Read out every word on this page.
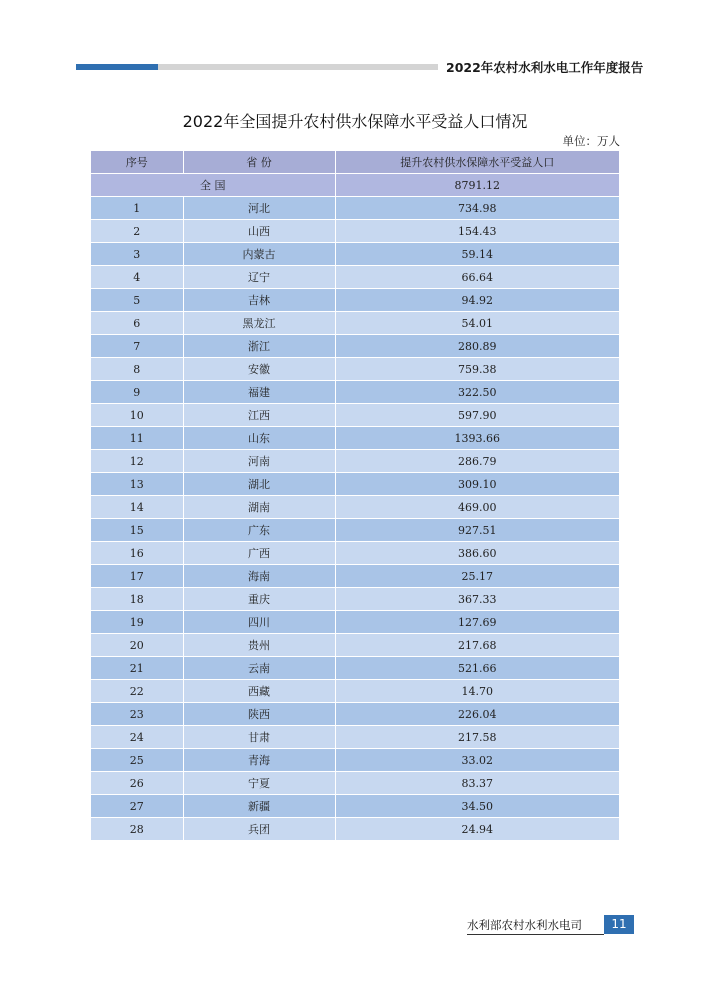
2022年农村水利水电工作年度报告
2022年全国提升农村供水保障水平受益人口情况
单位：万人
序号	省 份	提升农村供水保障水平受益人口
全 国		8791.12
1	河北	734.98
2	山西	154.43
3	内蒙古	59.14
4	辽宁	66.64
5	吉林	94.92
6	黑龙江	54.01
7	浙江	280.89
8	安徽	759.38
9	福建	322.50
10	江西	597.90
11	山东	1393.66
12	河南	286.79
13	湖北	309.10
14	湖南	469.00
15	广东	927.51
16	广西	386.60
17	海南	25.17
18	重庆	367.33
19	四川	127.69
20	贵州	217.68
21	云南	521.66
22	西藏	14.70
23	陕西	226.04
24	甘肃	217.58
25	青海	33.02
26	宁夏	83.37
27	新疆	34.50
28	兵团	24.94
水利部农村水利水电司	11
